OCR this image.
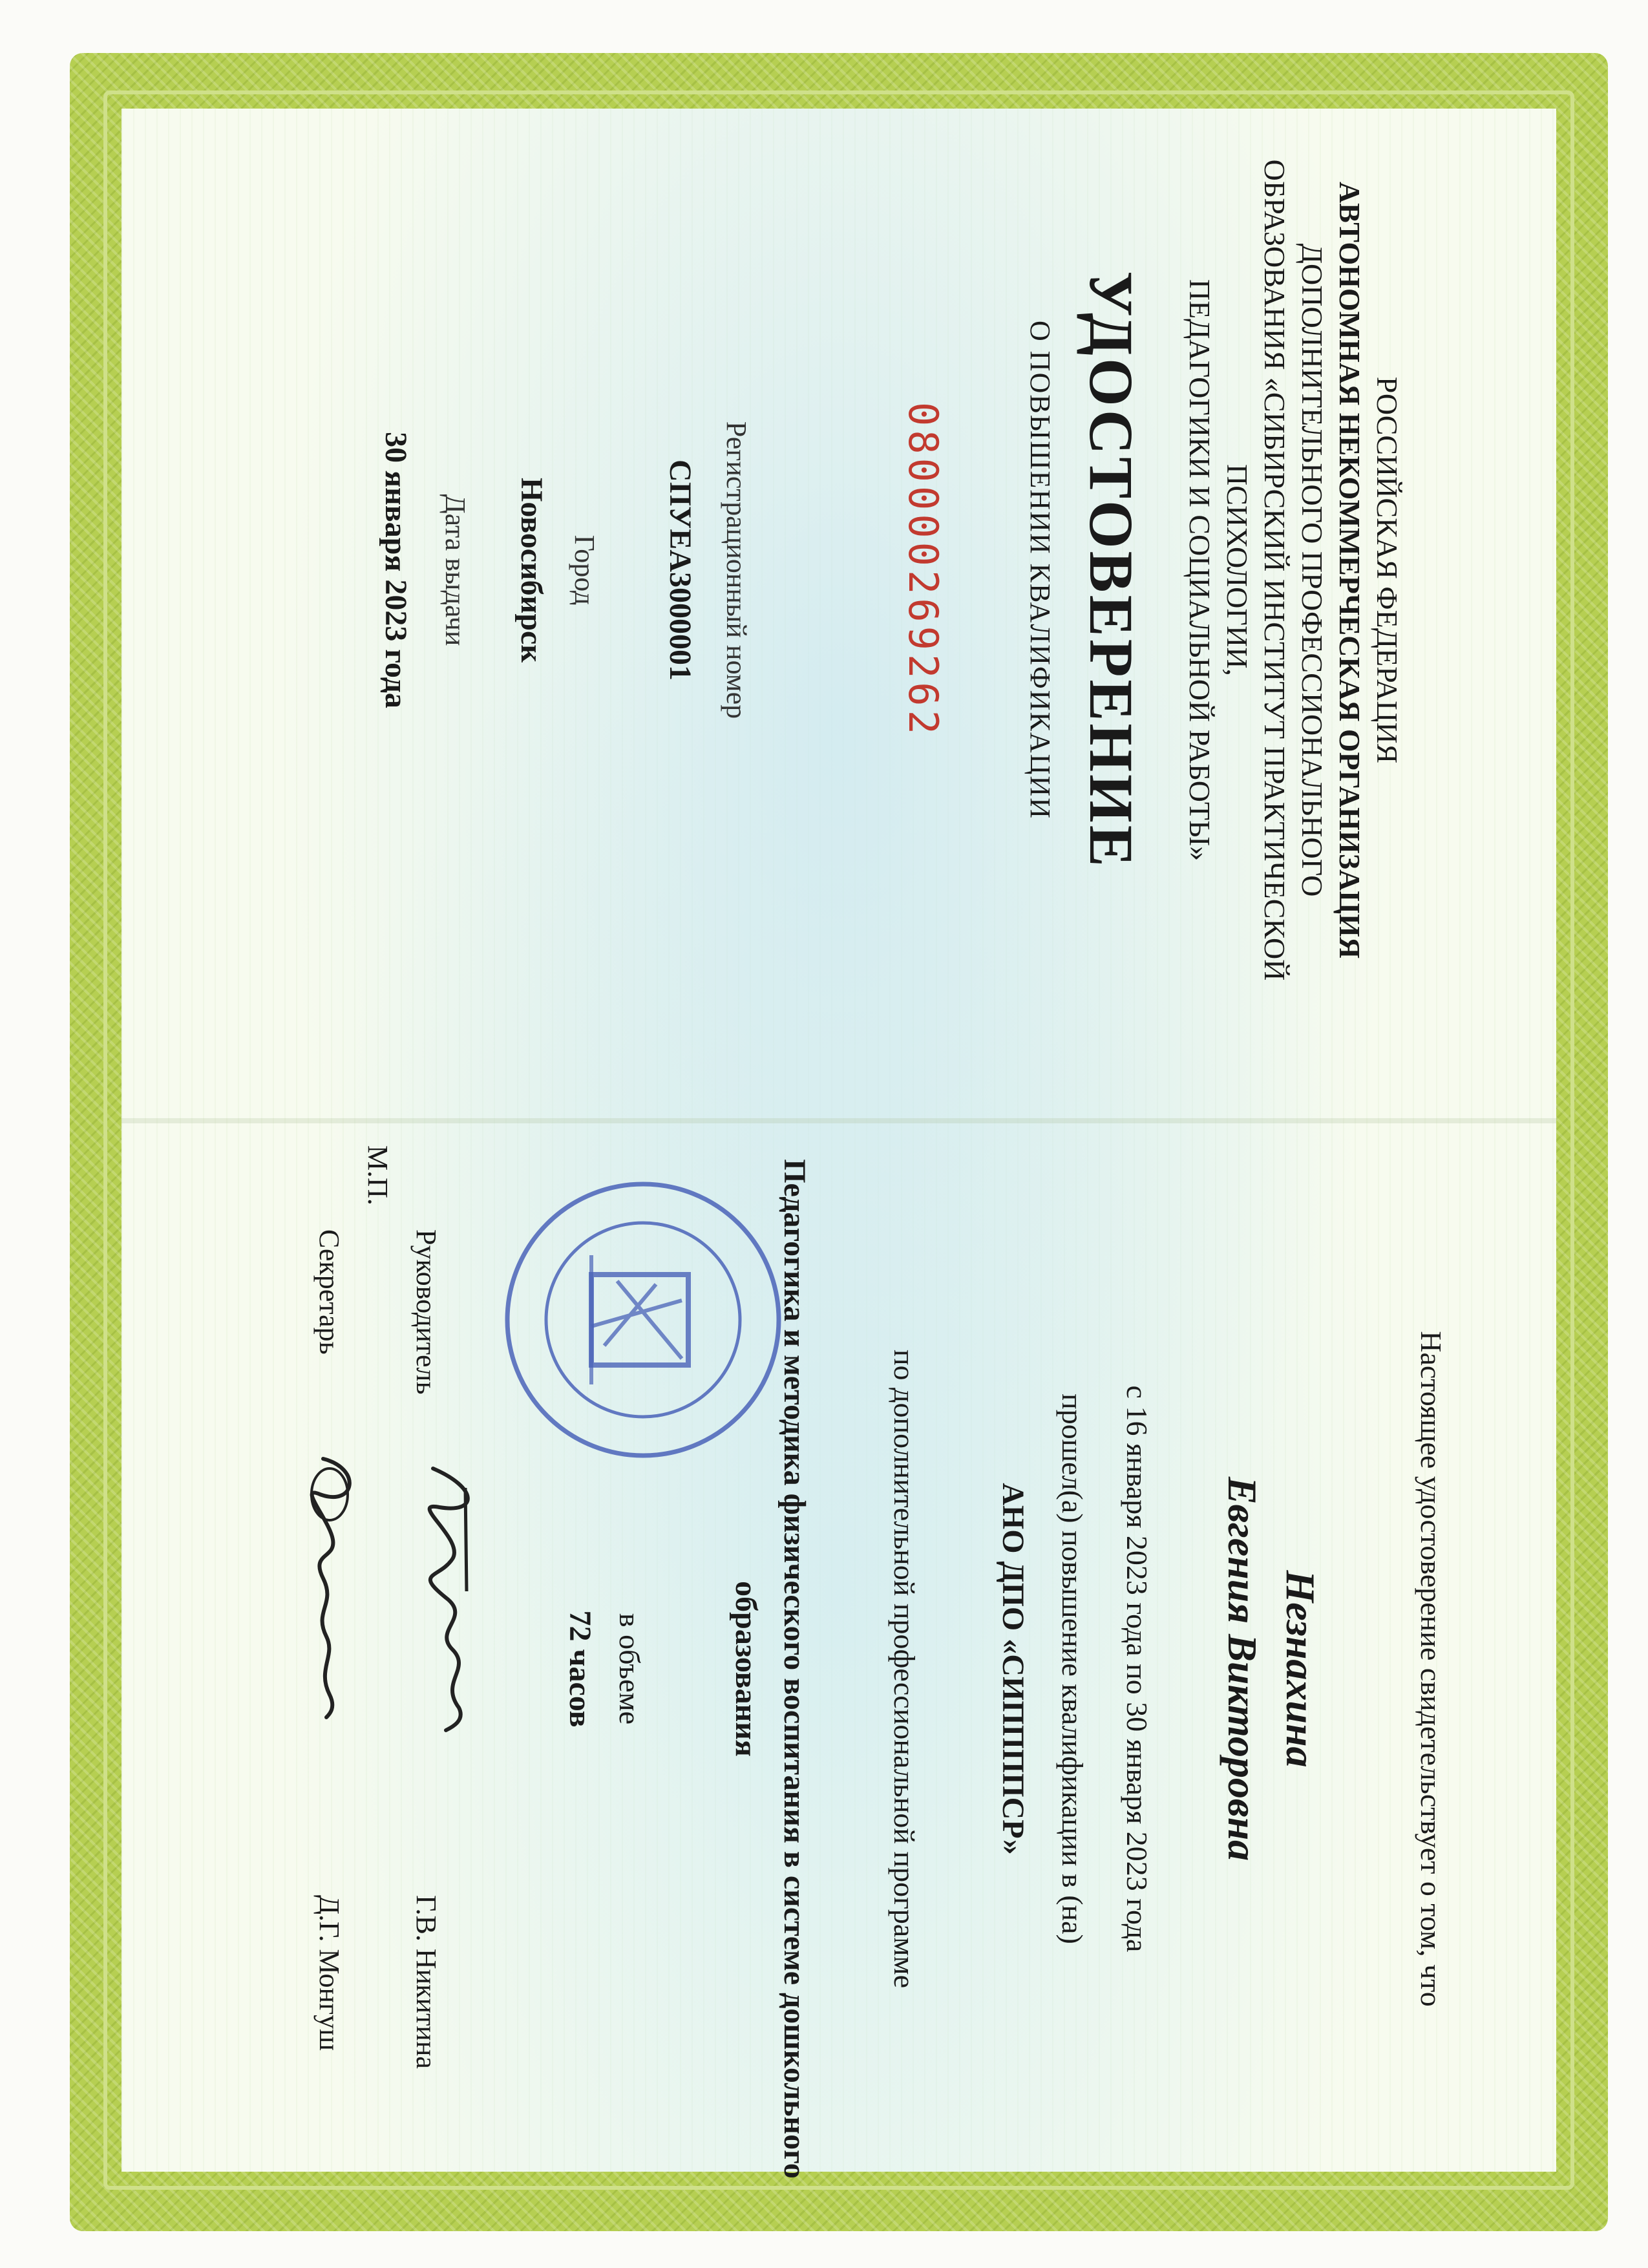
РОССИЙСКАЯ ФЕДЕРАЦИЯ
АВТОНОМНАЯ НЕКОММЕРЧЕСКАЯ ОРГАНИЗАЦИЯ
ДОПОЛНИТЕЛЬНОГО ПРОФЕССИОНАЛЬНОГО
ОБРАЗОВАНИЯ «СИБИРСКИЙ ИНСТИТУТ ПРАКТИЧЕСКОЙ
ПСИХОЛОГИИ,
ПЕДАГОГИКИ И СОЦИАЛЬНОЙ РАБОТЫ»
УДОСТОВЕРЕНИЕ
О ПОВЫШЕНИИ КВАЛИФИКАЦИИ
080000269262
Регистрационный номер
СПУЕА3000001
Город
Новосибирск
Дата выдачи
30 января 2023 года
Настоящее удостоверение свидетельствует о том, что
Незнахина
Евгения Викторовна
с 16 января 2023 года по 30 января 2023 года
прошел(а) повышение квалификации в (на)
АНО ДПО «СИППППСР»
по дополнительной профессиональной программе
Педагогика и методика физического воспитания в системе дошкольного
образования
в объеме
72 часов
Руководитель
Г.В. Никитина
М.П.
Секретарь
Д.Г. Монгуш
